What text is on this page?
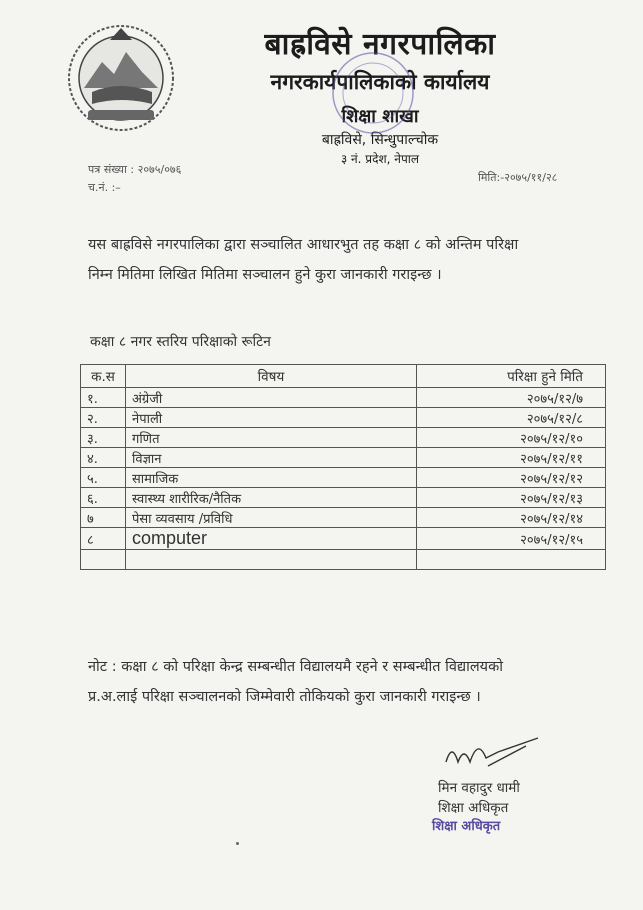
बाह्रविसे नगरपालिका
नगरकार्यपालिकाको कार्यालय
शिक्षा शाखा
बाह्रविसे, सिन्धुपाल्चोक
३ नं. प्रदेश, नेपाल
पत्र संख्या : २०७५/०७६
च.नं. :–
मिति:-२०७५/११/२८
यस बाह्रविसे नगरपालिका द्वारा सञ्चालित आधारभुत तह कक्षा ८ को अन्तिम परिक्षा
निम्न मितिमा लिखित मितिमा सञ्चालन हुने कुरा जानकारी गराइन्छ ।
कक्षा ८ नगर स्तरिय परिक्षाको रूटिन
क.स	विषय	परिक्षा हुने मिति
१.	अंग्रेजी	२०७५/१२/७
२.	नेपाली	२०७५/१२/८
३.	गणित	२०७५/१२/१०
४.	विज्ञान	२०७५/१२/११
५.	सामाजिक	२०७५/१२/१२
६.	स्वास्थ्य शारीरिक/नैतिक	२०७५/१२/१३
७	पेसा व्यवसाय /प्रविधि	२०७५/१२/१४
८	computer	२०७५/१२/१५

नोट : कक्षा ८ को परिक्षा केन्द्र सम्बन्धीत विद्यालयमै रहने र सम्बन्धीत विद्यालयको
प्र.अ.लाई परिक्षा सञ्चालनको जिम्मेवारी तोकियको कुरा जानकारी गराइन्छ ।
मिन वहादुर धामी
शिक्षा अधिकृत
शिक्षा अधिकृत
